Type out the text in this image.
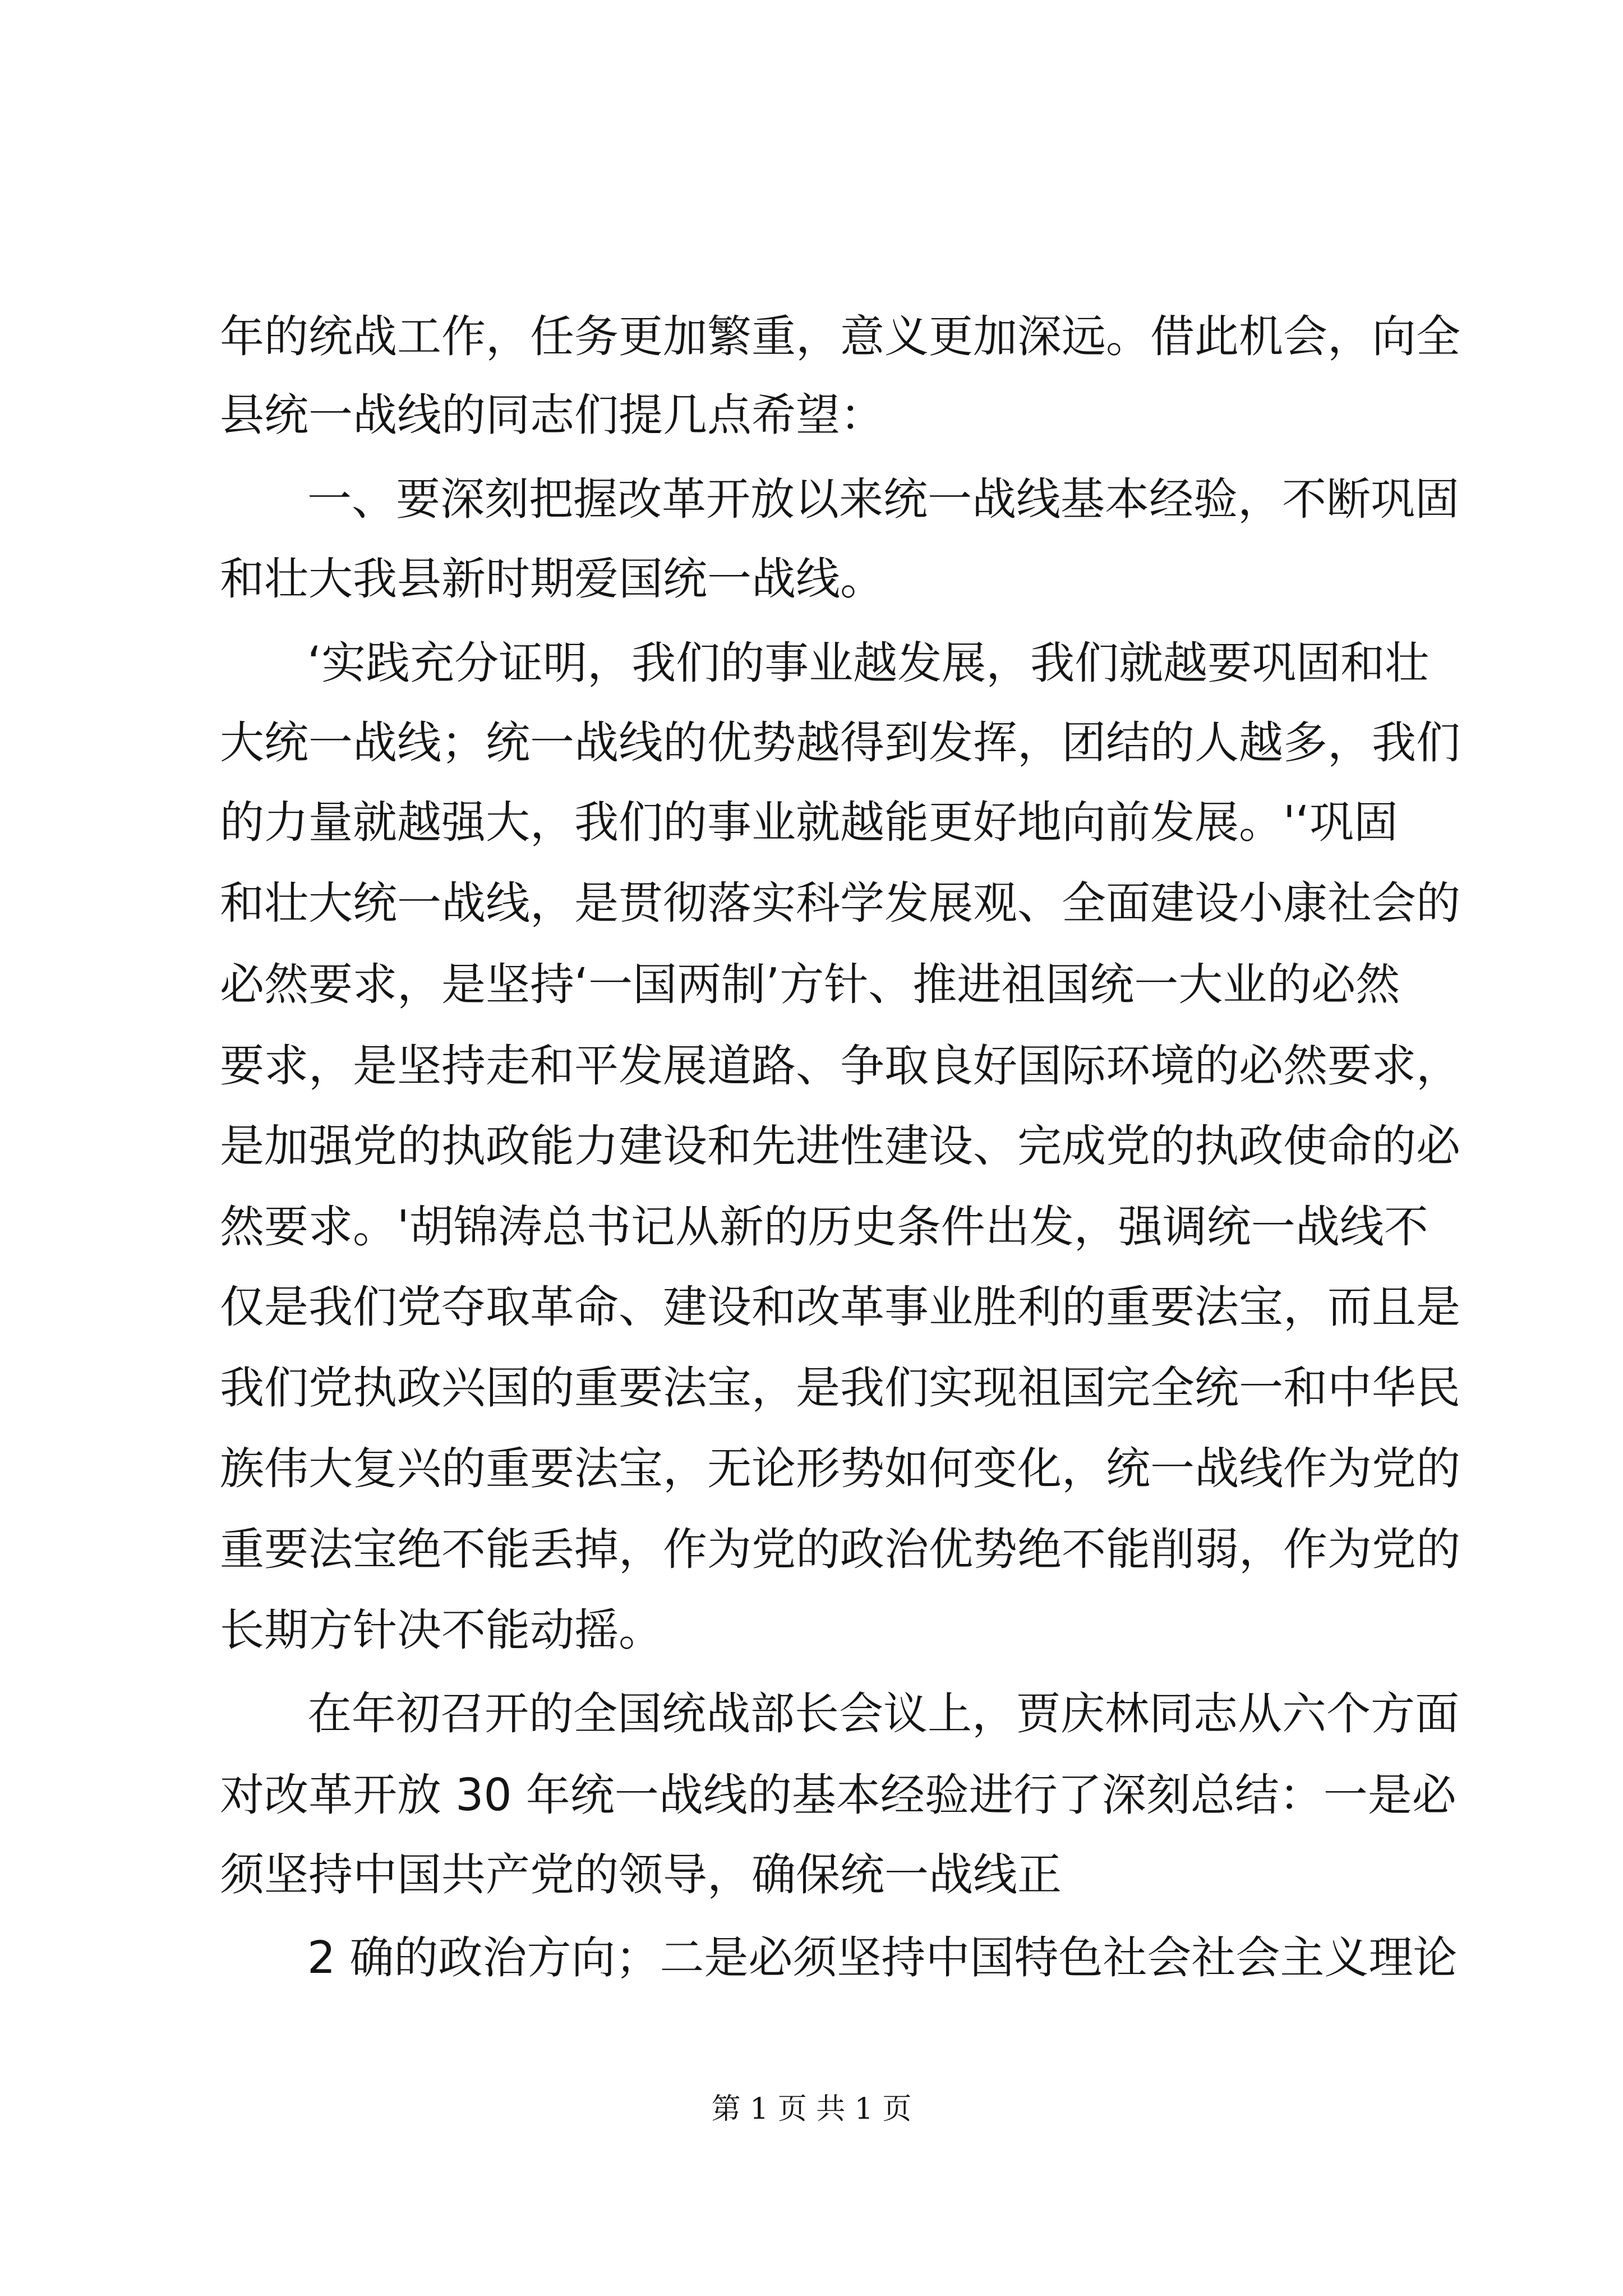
年的统战工作，任务更加繁重，意义更加深远。借此机会，向全
县统一战线的同志们提几点希望：
一、要深刻把握改革开放以来统一战线基本经验，不断巩固
和壮大我县新时期爱国统一战线。
‘实践充分证明，我们的事业越发展，我们就越要巩固和壮
大统一战线；统一战线的优势越得到发挥，团结的人越多，我们
的力量就越强大，我们的事业就越能更好地向前发展。'‘巩固
和壮大统一战线，是贯彻落实科学发展观、全面建设小康社会的
必然要求，是坚持‘一国两制’方针、推进祖国统一大业的必然
要求，是坚持走和平发展道路、争取良好国际环境的必然要求，
是加强党的执政能力建设和先进性建设、完成党的执政使命的必
然要求。'胡锦涛总书记从新的历史条件出发，强调统一战线不
仅是我们党夺取革命、建设和改革事业胜利的重要法宝，而且是
我们党执政兴国的重要法宝，是我们实现祖国完全统一和中华民
族伟大复兴的重要法宝，无论形势如何变化，统一战线作为党的
重要法宝绝不能丢掉，作为党的政治优势绝不能削弱，作为党的
长期方针决不能动摇。
在年初召开的全国统战部长会议上，贾庆林同志从六个方面
对改革开放 30 年统一战线的基本经验进行了深刻总结：一是必
须坚持中国共产党的领导，确保统一战线正
2 确的政治方向；二是必须坚持中国特色社会社会主义理论
第 1 页 共 1 页
